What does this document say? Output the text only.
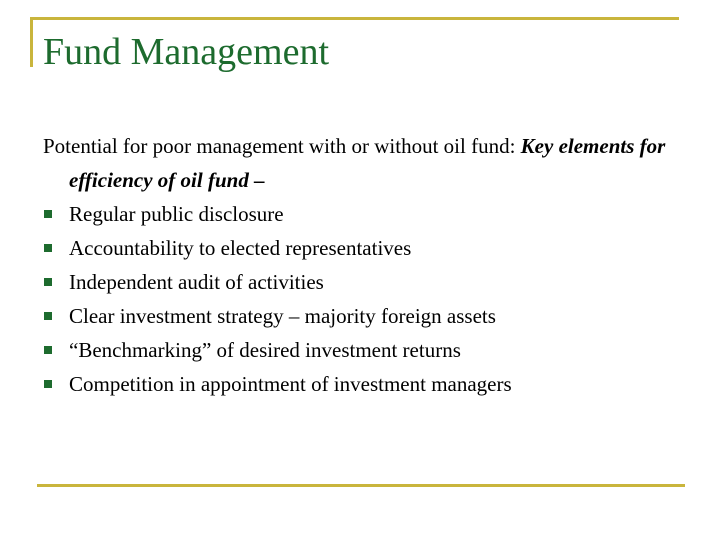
Fund Management

Potential for poor management with or without oil fund: Key elements for efficiency of oil fund –

Regular public disclosure
Accountability to elected representatives
Independent audit of activities
Clear investment strategy – majority foreign assets
“Benchmarking” of desired investment returns
Competition in appointment of investment managers
